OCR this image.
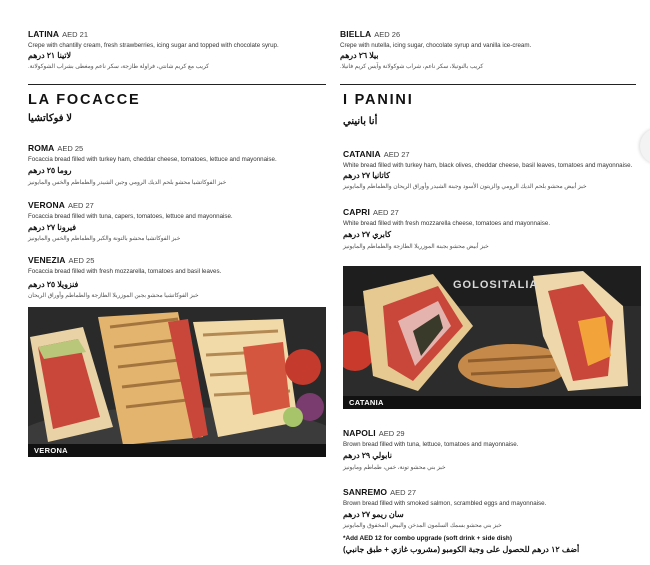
LATINA AED 21
Crepe with chantilly cream, fresh strawberries, icing sugar and topped with chocolate syrup.
لاتينا ٢١ درهم
كريب مع كريم شانتي، فراولة طازجة، سكر ناعم ومغطى بشراب الشوكولاتة.
BIELLA AED 26
Crepe with nutella, icing sugar, chocolate syrup and vanilla ice-cream.
بيلا ٢٦ درهم
كريب بالنوتيلا، سكر ناعم، شراب شوكولاتة وآيس كريم فانيلا.
LA FOCACCE
لا فوكاتشيا
ROMA AED 25
Focaccia bread filled with turkey ham, cheddar cheese, tomatoes, lettuce and mayonnaise.
روما ٢٥ درهم
خبز الفوكاتشيا محشو بلحم الديك الرومي وجبن الشيدر والطماطم والخس والمايونيز
VERONA AED 27
Focaccia bread filled with tuna, capers, tomatoes, lettuce and mayonnaise.
فيرونا ٢٧ درهم
خبز الفوكاتشيا محشو بالتونة والكبر والطماطم والخس والمايونيز
VENEZIA AED 25
Focaccia bread filled with fresh mozzarella, tomatoes and basil leaves.
فنزويلا ٢٥ درهم
خبز الفوكاتشيا محشو بجبن الموزريلا الطازجة والطماطم وأوراق الريحان
VERONA
I PANINI
أنا بانيني
CATANIA AED 27
White bread filled with turkey ham, black olives, cheddar cheese, basil leaves, tomatoes and mayonnaise.
كاتانيا ٢٧ درهم
خبز أبيض محشو بلحم الديك الرومي والزيتون الأسود وجبنة الشيدر وأوراق الريحان والطماطم والمايونيز
CAPRI AED 27
White bread filled with fresh mozzarella cheese, tomatoes and mayonnaise.
كابري ٢٧ درهم
خبز أبيض محشو بجبنة الموزريلا الطازجة والطماطم والمايونيز
GOLOSITALIA
CATANIA
NAPOLI AED 29
Brown bread filled with tuna, lettuce, tomatoes and mayonnaise.
نابولي ٢٩ درهم
خبز بني محشو تونة، خس، طماطم ومايونيز
SANREMO AED 27
Brown bread filled with smoked salmon, scrambled eggs and mayonnaise.
سان ريمو ٢٧ درهم
خبز بني محشو بسمك السلمون المدخن والبيض المخفوق والمايونيز
*Add AED 12 for combo upgrade (soft drink + side dish)
أضف ١٢ درهم للحصول على وجبة الكومبو (مشروب غازي + طبق جانبي)
